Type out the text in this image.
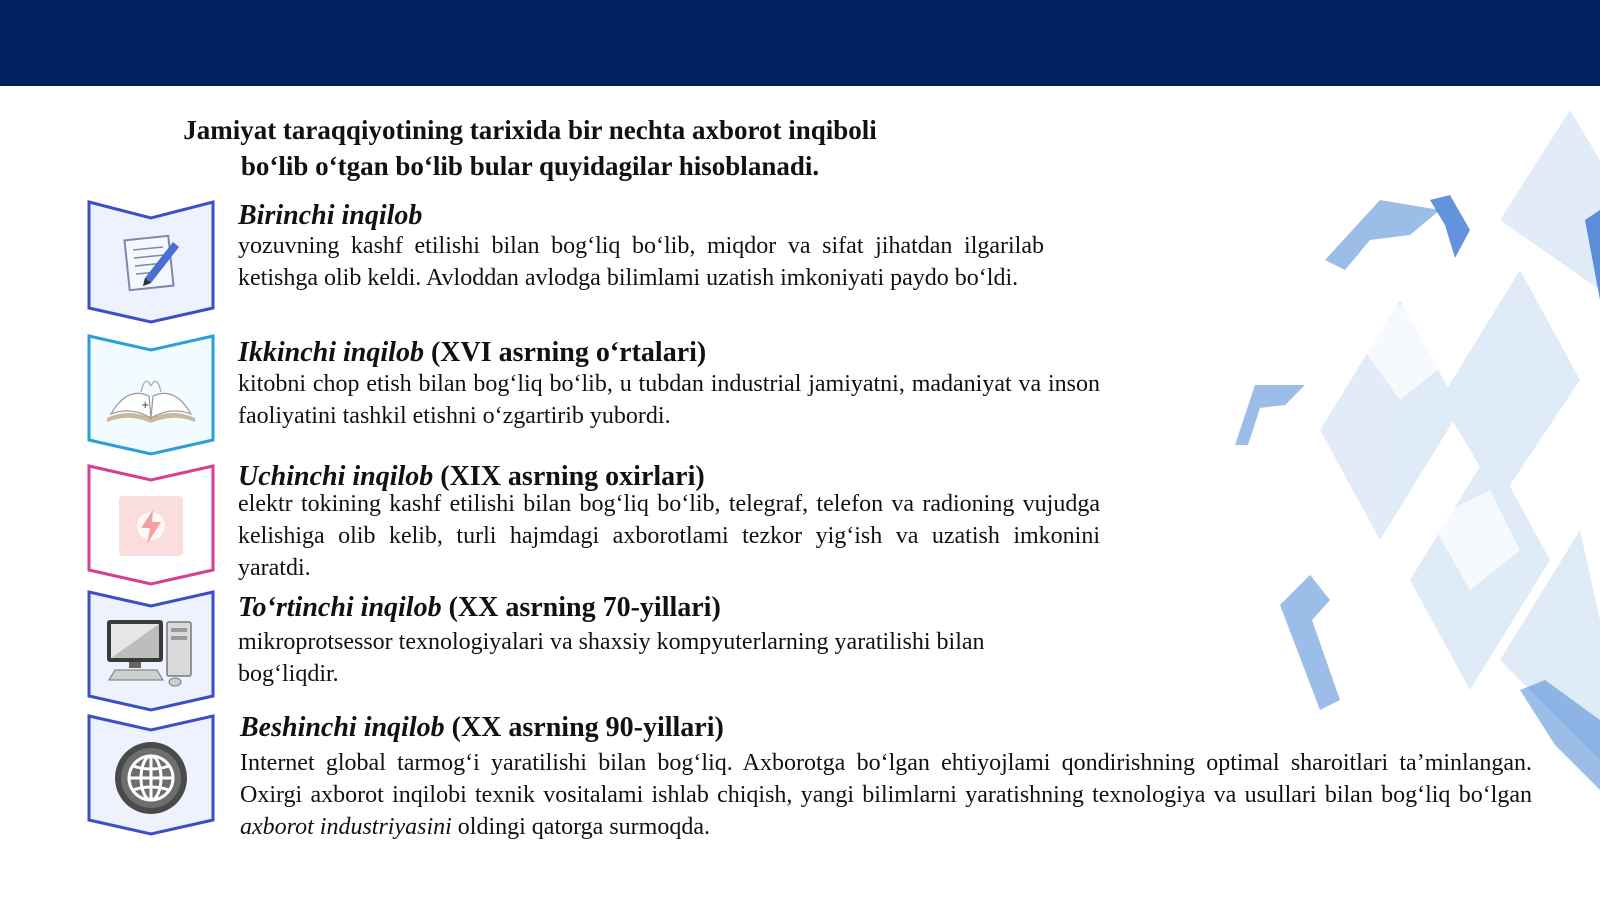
Jamiyat taraqqiyotining tarixida bir nechta axborot inqiboli
bo‘lib o‘tgan bo‘lib bular quyidagilar hisoblanadi.
Birinchi inqilob
yozuvning kashf etilishi bilan bog‘liq bo‘lib, miqdor va sifat jihatdan ilgarilab ketishga olib keldi. Avloddan avlodga bilimlami uzatish imkoniyati paydo bo‘ldi.
+
Ikkinchi inqilob (XVI asrning o‘rtalari)
kitobni chop etish bilan bog‘liq bo‘lib, u tubdan industrial jamiyatni, madaniyat va inson faoliyatini tashkil etishni o‘zgartirib yubordi.
Uchinchi inqilob (XIX asrning oxirlari)
elektr tokining kashf etilishi bilan bog‘liq bo‘lib, telegraf, telefon va radioning vujudga kelishiga olib kelib, turli hajmdagi axborotlami tezkor yig‘ish va uzatish imkonini yaratdi.
To‘rtinchi inqilob (XX asrning 70-yillari)
mikroprotsessor texnologiyalari va shaxsiy kompyuterlarning yaratilishi bilan bog‘liqdir.
Beshinchi inqilob (XX asrning 90-yillari)
Internet global tarmog‘i yaratilishi bilan bog‘liq. Axborotga bo‘lgan ehtiyojlami qondirishning optimal sharoitlari ta’minlangan. Oxirgi axborot inqilobi texnik vositalami ishlab chiqish, yangi bilimlarni yaratishning texnologiya va usullari bilan bog‘liq bo‘lgan axborot industriyasini oldingi qatorga surmoqda.
